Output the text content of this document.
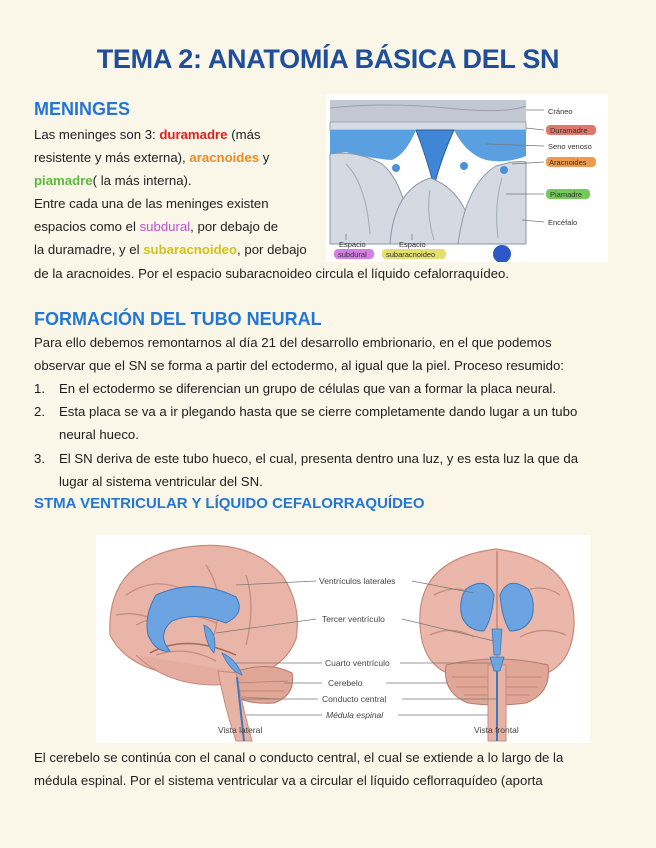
TEMA 2: ANATOMÍA BÁSICA DEL SN
MENINGES
Las meninges son 3: duramadre (más
resistente y más externa), aracnoides y
piamadre( la más interna).
Entre cada una de las meninges existen
espacios como el subdural, por debajo de
la duramadre, y el subaracnoideo, por debajo
de la aracnoides. Por el espacio subaracnoideo circula el líquido cefalorraquídeo.
Cráneo
Duramadre
Seno venoso
Aracnoides
Piamadre
Encéfalo
Espacio
subdural
Espacio
subaracnoideo
FORMACIÓN DEL TUBO NEURAL
Para ello debemos remontarnos al día 21 del desarrollo embrionario, en el que podemos
observar que el SN se forma a partir del ectodermo, al igual que la piel. Proceso resumido:
1. En el ectodermo se diferencian un grupo de células que van a formar la placa neural.
2. Esta placa se va a ir plegando hasta que se cierre completamente dando lugar a un tubo
neural hueco.
3. El SN deriva de este tubo hueco, el cual, presenta dentro una luz, y es esta luz la que da
lugar al sistema ventricular del SN.
STMA VENTRICULAR Y LÍQUIDO CEFALORRAQUÍDEO
Ventrículos laterales
Tercer ventrículo
Cuarto ventrículo
Cerebelo
Conducto central
Médula espinal
Vista lateral	Vista frontal
El cerebelo se continúa con el canal o conducto central, el cual se extiende a lo largo de la
médula espinal. Por el sistema ventricular va a circular el líquido ceflorraquídeo (aporta
